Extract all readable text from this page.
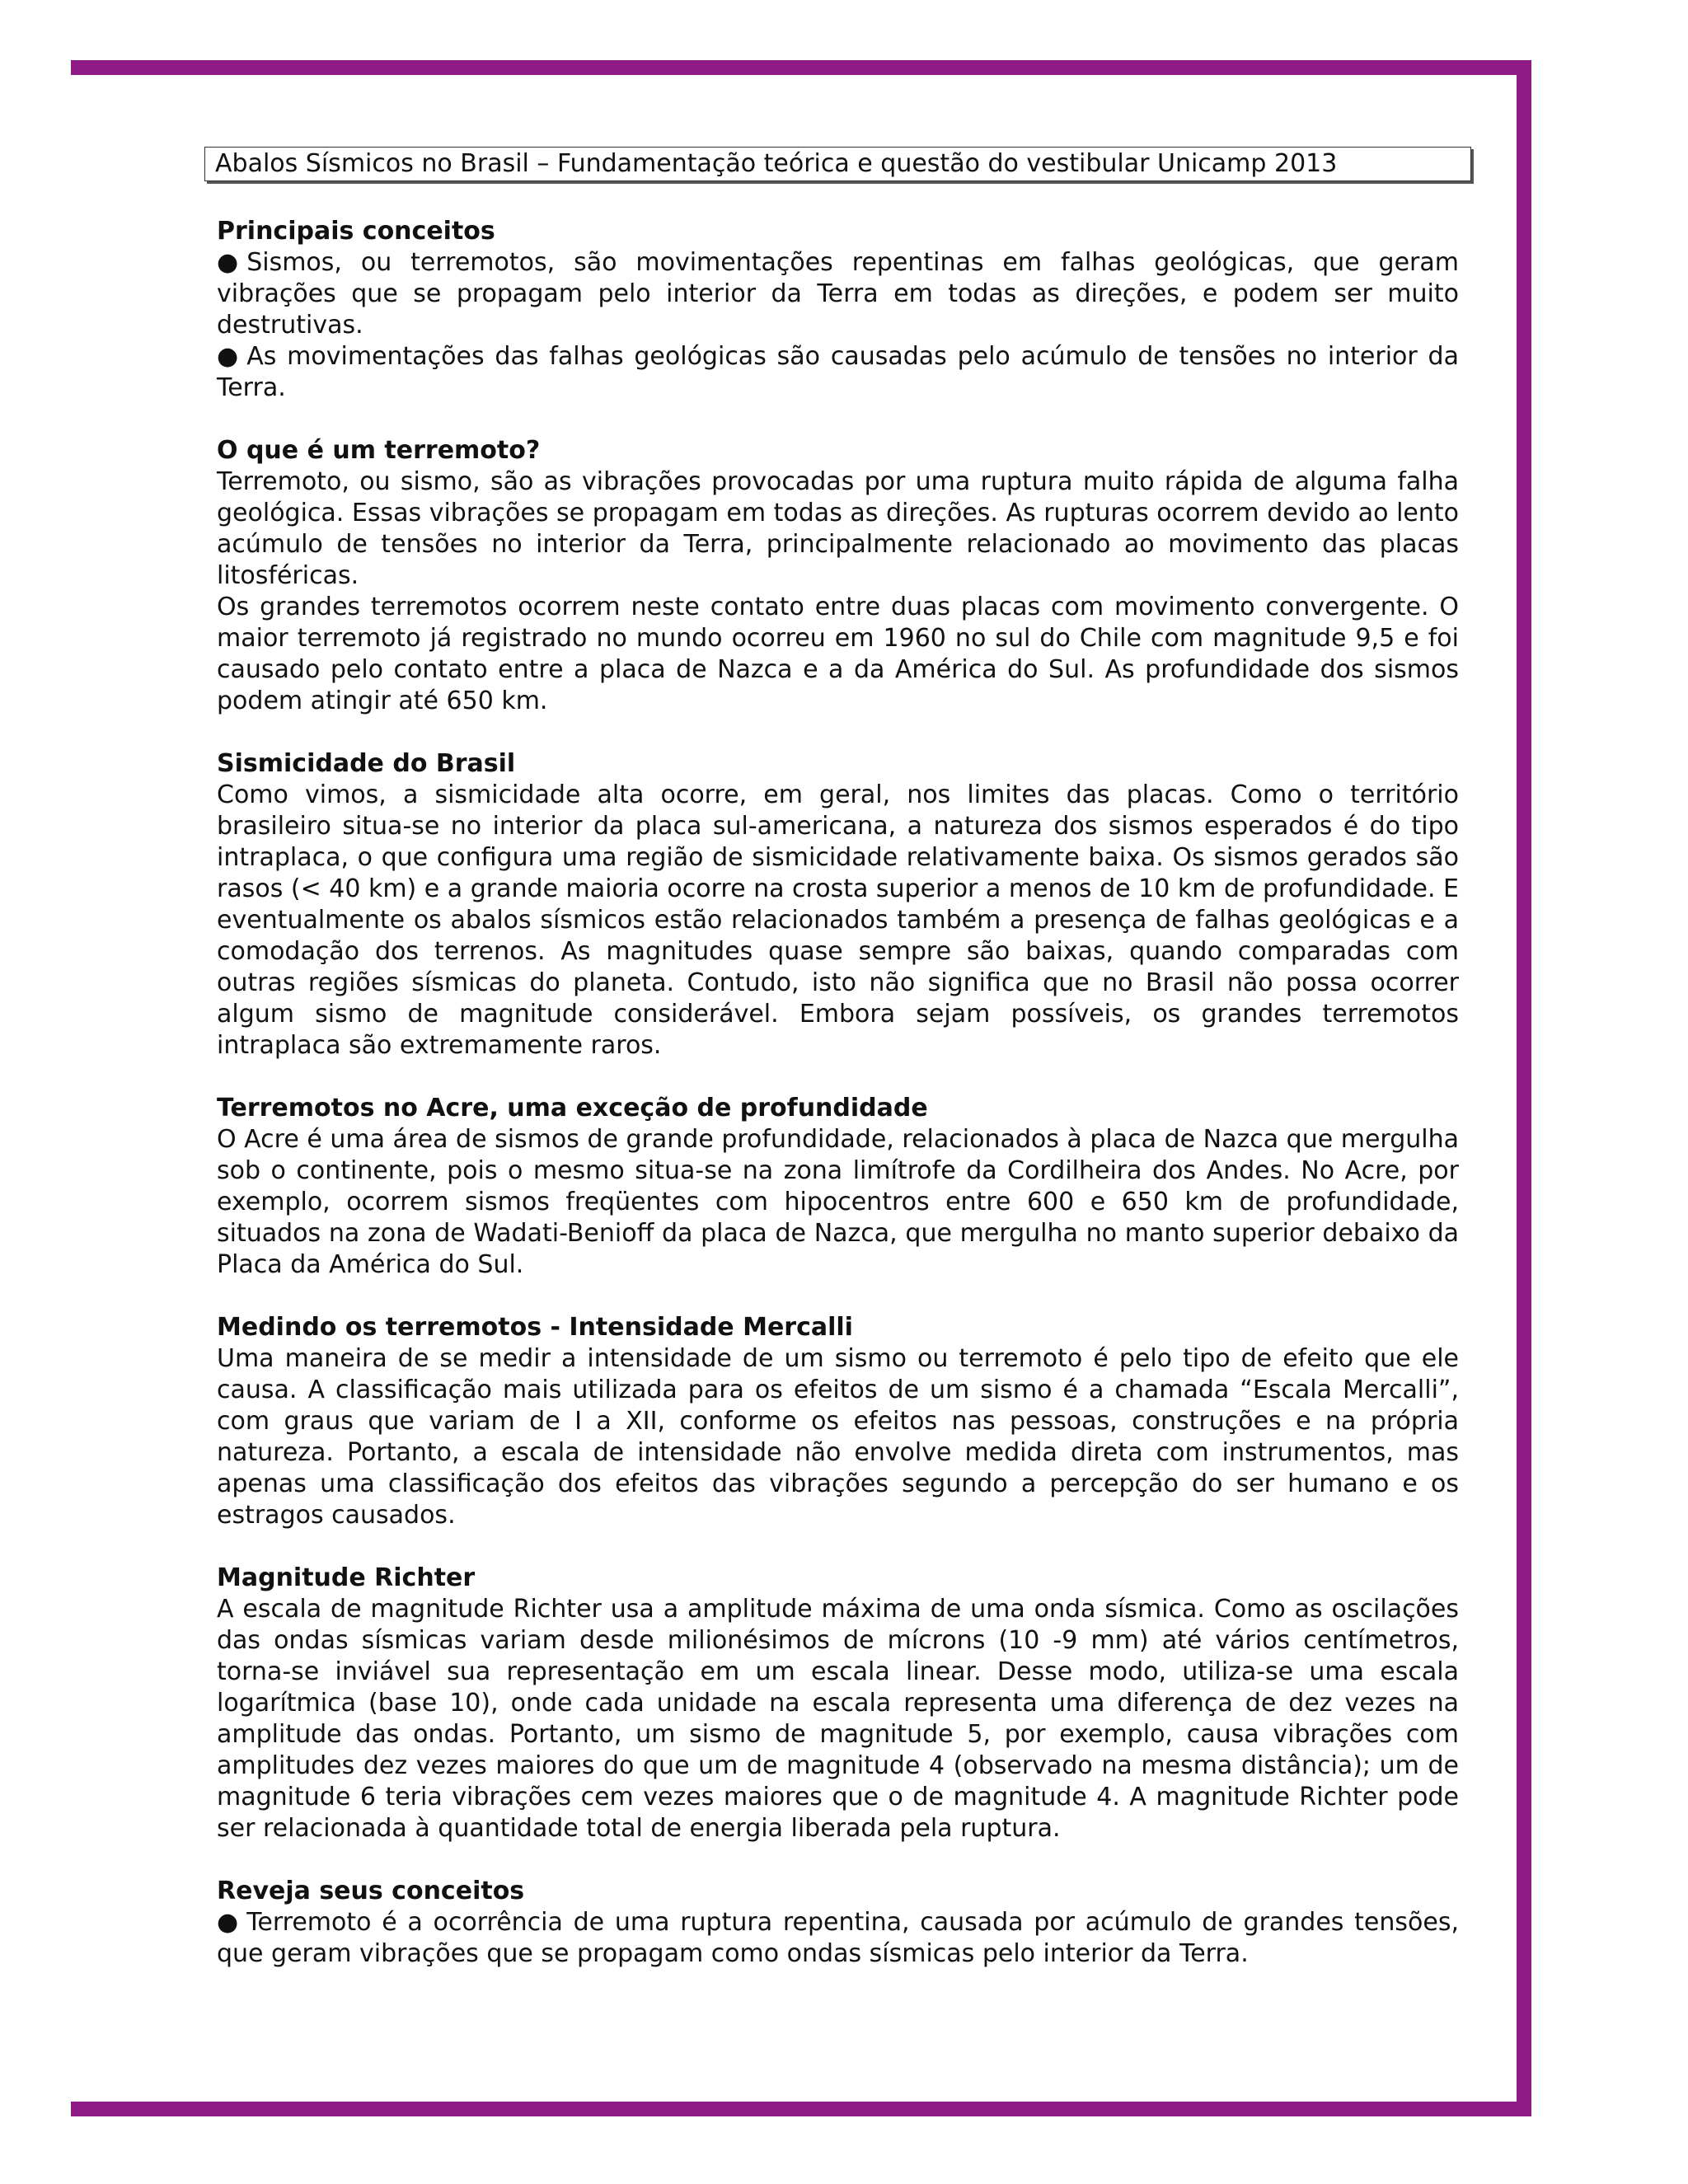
Abalos Sísmicos no Brasil – Fundamentação teórica e questão do vestibular Unicamp 2013
Principais conceitos

● Sismos, ou terremotos, são movimentações repentinas em falhas geológicas, que geram vibrações que se propagam pelo interior da Terra em todas as direções, e podem ser muito destrutivas.

● As movimentações das falhas geológicas são causadas pelo acúmulo de tensões no interior da Terra.

O que é um terremoto?

Terremoto, ou sismo, são as vibrações provocadas por uma ruptura muito rápida de alguma falha geológica. Essas vibrações se propagam em todas as direções. As rupturas ocorrem devido ao lento acúmulo de tensões no interior da Terra, principalmente relacionado ao movimento das placas litosféricas.

Os grandes terremotos ocorrem neste contato entre duas placas com movimento convergente. O maior terremoto já registrado no mundo ocorreu em 1960 no sul do Chile com magnitude 9,5 e foi causado pelo contato entre a placa de Nazca e a da América do Sul. As profundidade dos sismos podem atingir até 650 km.

Sismicidade do Brasil

Como vimos, a sismicidade alta ocorre, em geral, nos limites das placas. Como o território brasileiro situa-se no interior da placa sul-americana, a natureza dos sismos esperados é do tipo intraplaca, o que configura uma região de sismicidade relativamente baixa. Os sismos gerados são rasos (< 40 km) e a grande maioria ocorre na crosta superior a menos de 10 km de profundidade. E eventualmente os abalos sísmicos estão relacionados também a presença de falhas geológicas e a comodação dos terrenos. As magnitudes quase sempre são baixas, quando comparadas com outras regiões sísmicas do planeta. Contudo, isto não significa que no Brasil não possa ocorrer algum sismo de magnitude considerável. Embora sejam possíveis, os grandes terremotos intraplaca são extremamente raros.

Terremotos no Acre, uma exceção de profundidade

O Acre é uma área de sismos de grande profundidade, relacionados à placa de Nazca que mergulha sob o continente, pois o mesmo situa-se na zona limítrofe da Cordilheira dos Andes. No Acre, por exemplo, ocorrem sismos freqüentes com hipocentros entre 600 e 650 km de profundidade, situados na zona de Wadati-Benioff da placa de Nazca, que mergulha no manto superior debaixo da Placa da América do Sul.

Medindo os terremotos - Intensidade Mercalli

Uma maneira de se medir a intensidade de um sismo ou terremoto é pelo tipo de efeito que ele causa. A classificação mais utilizada para os efeitos de um sismo é a chamada “Escala Mercalli”, com graus que variam de I a XII, conforme os efeitos nas pessoas, construções e na própria natureza. Portanto, a escala de intensidade não envolve medida direta com instrumentos, mas apenas uma classificação dos efeitos das vibrações segundo a percepção do ser humano e os estragos causados.

Magnitude Richter

A escala de magnitude Richter usa a amplitude máxima de uma onda sísmica. Como as oscilações das ondas sísmicas variam desde milionésimos de mícrons (10 -9 mm) até vários centímetros, torna-se inviável sua representação em um escala linear. Desse modo, utiliza-se uma escala logarítmica (base 10), onde cada unidade na escala representa uma diferença de dez vezes na amplitude das ondas. Portanto, um sismo de magnitude 5, por exemplo, causa vibrações com amplitudes dez vezes maiores do que um de magnitude 4 (observado na mesma distância); um de magnitude 6 teria vibrações cem vezes maiores que o de magnitude 4. A magnitude Richter pode ser relacionada à quantidade total de energia liberada pela ruptura.

Reveja seus conceitos

● Terremoto é a ocorrência de uma ruptura repentina, causada por acúmulo de grandes tensões, que geram vibrações que se propagam como ondas sísmicas pelo interior da Terra.
